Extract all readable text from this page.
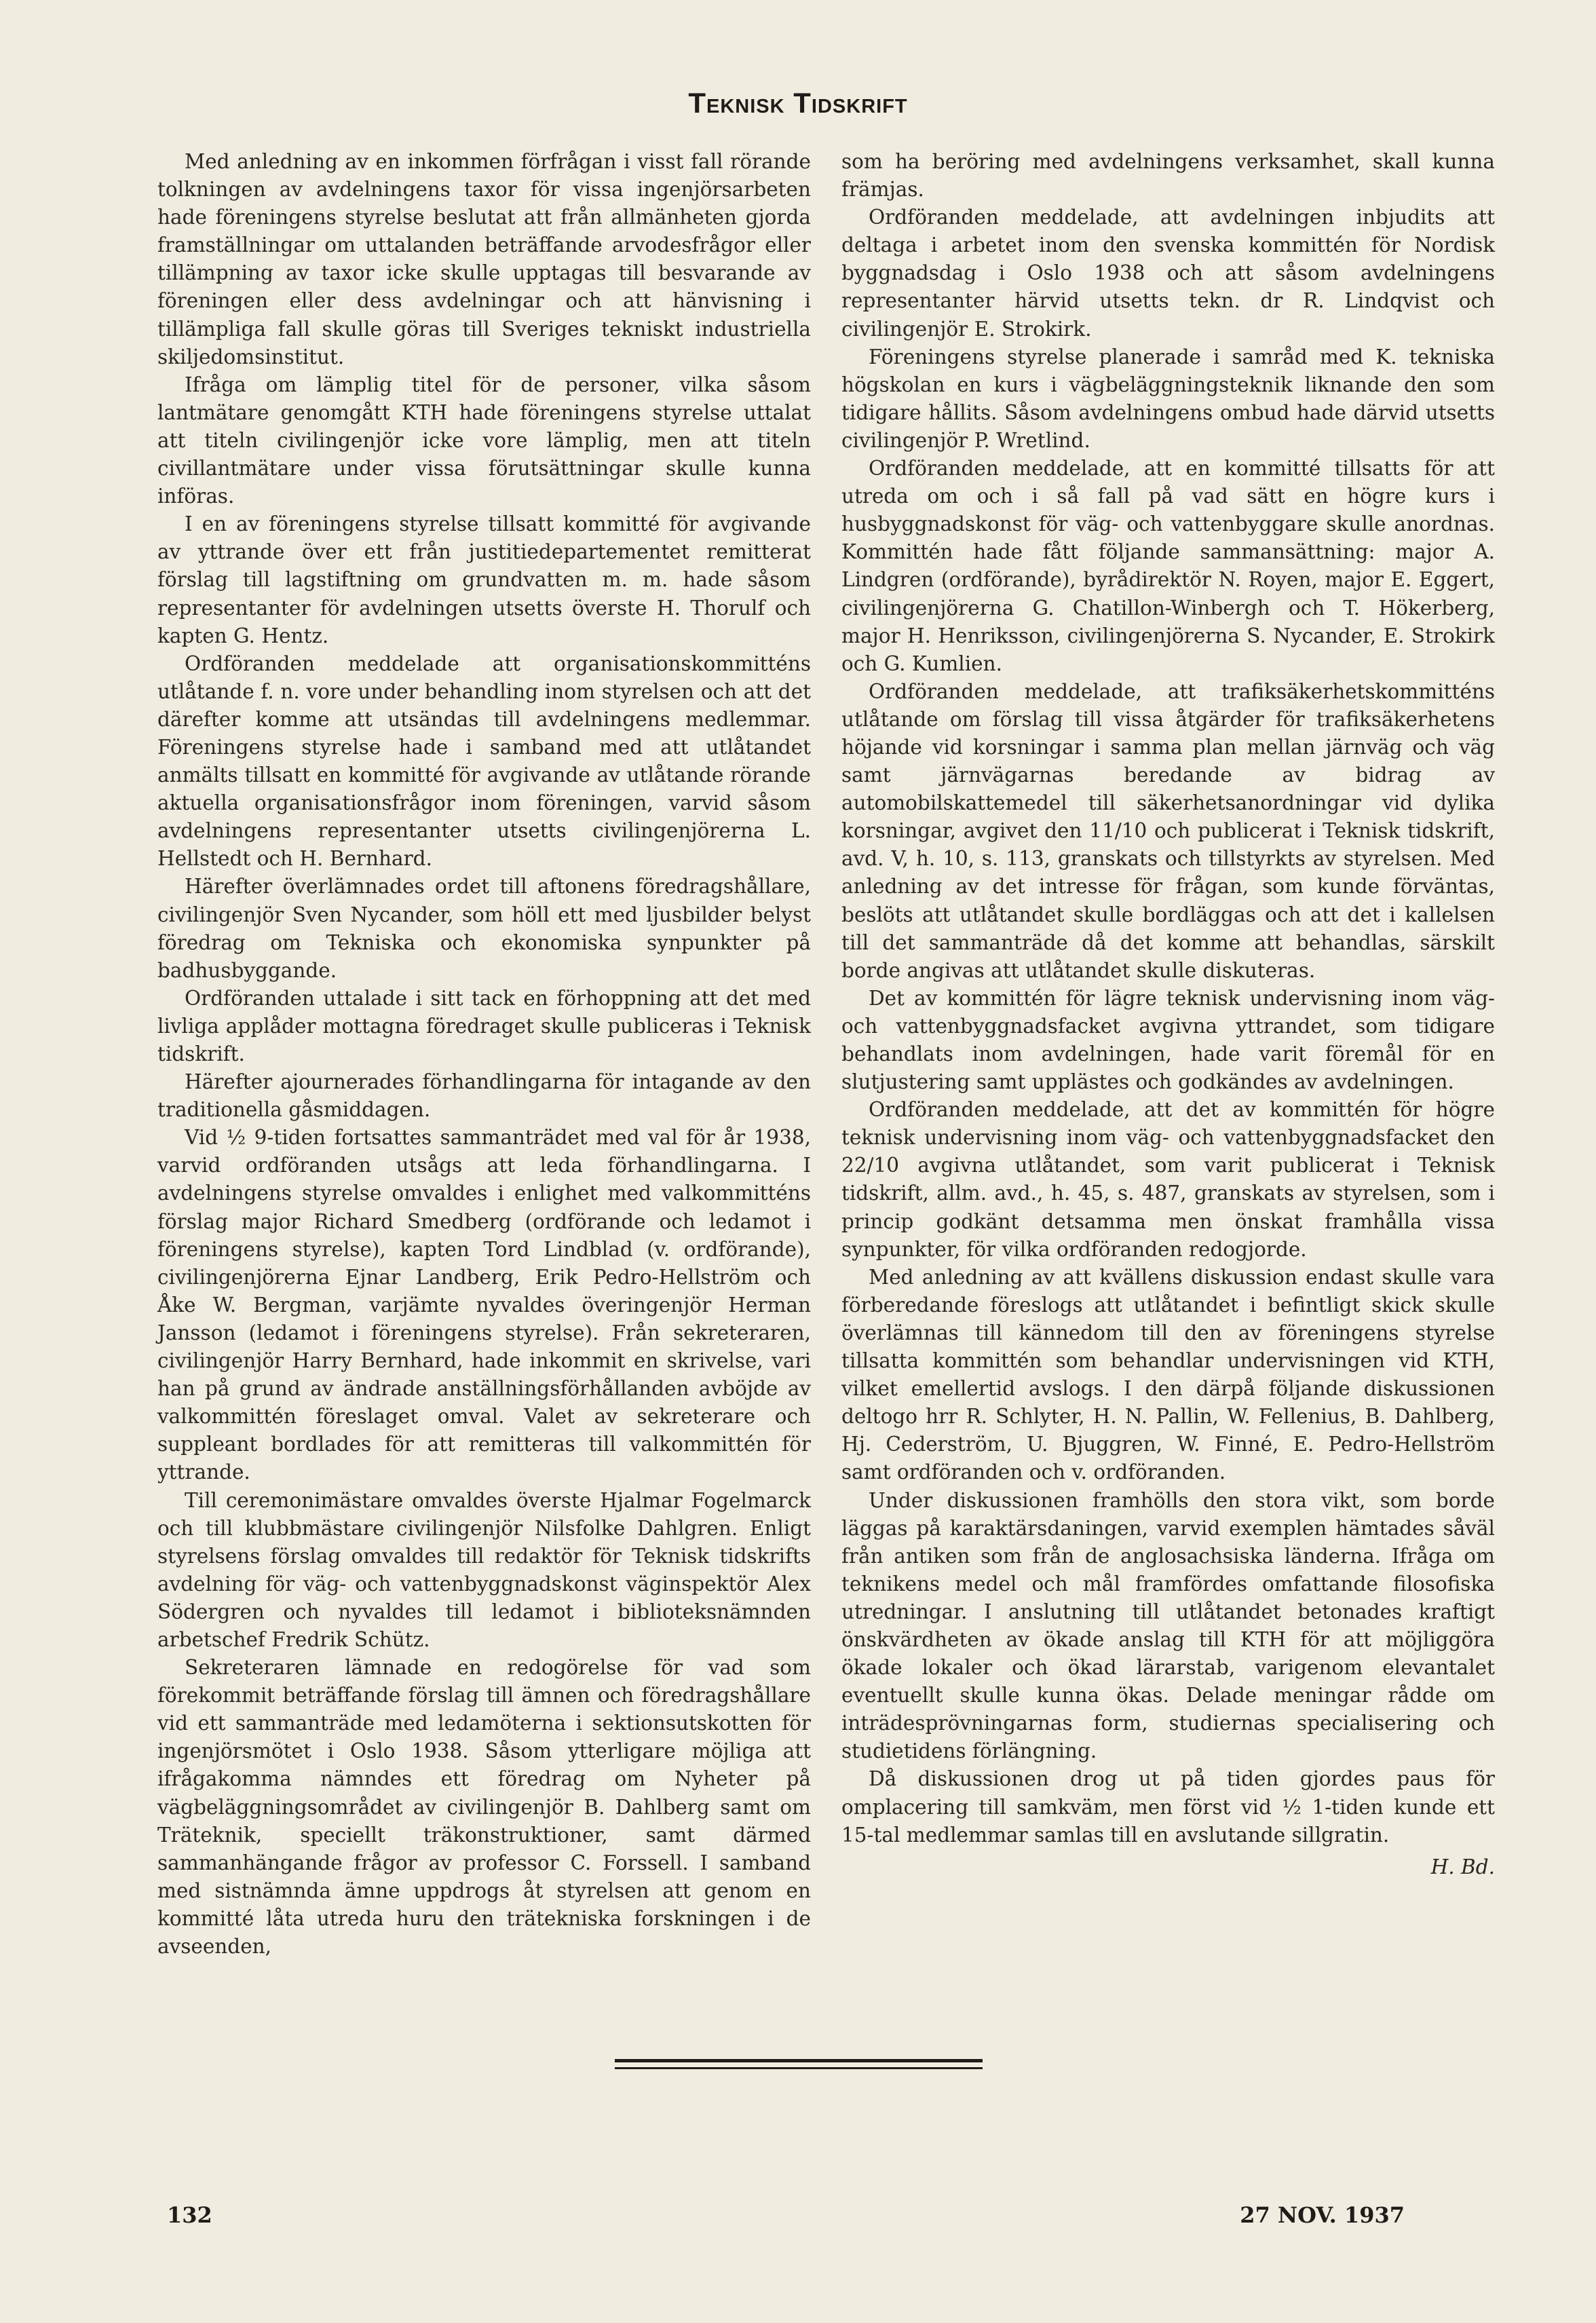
Teknisk Tidskrift

Med anledning av en inkommen förfrågan i visst fall rörande tolkningen av avdelningens taxor för vissa ingenjörsarbeten hade föreningens styrelse beslutat att från allmänheten gjorda framställningar om uttalanden beträffande arvodesfrågor eller tillämpning av taxor icke skulle upptagas till besvarande av föreningen eller dess avdelningar och att hänvisning i tillämpliga fall skulle göras till Sveriges tekniskt industriella skiljedomsinstitut.

Ifråga om lämplig titel för de personer, vilka såsom lantmätare genomgått KTH hade föreningens styrelse uttalat att titeln civilingenjör icke vore lämplig, men att titeln civillantmätare under vissa förutsättningar skulle kunna införas.

I en av föreningens styrelse tillsatt kommitté för avgivande av yttrande över ett från justitiedepartementet remitterat förslag till lagstiftning om grundvatten m. m. hade såsom representanter för avdelningen utsetts överste H. Thorulf och kapten G. Hentz.

Ordföranden meddelade att organisationskommitténs utlåtande f. n. vore under behandling inom styrelsen och att det därefter komme att utsändas till avdelningens medlemmar. Föreningens styrelse hade i samband med att utlåtandet anmälts tillsatt en kommitté för avgivande av utlåtande rörande aktuella organisationsfrågor inom föreningen, varvid såsom avdelningens representanter utsetts civilingenjörerna L. Hellstedt och H. Bernhard.

Härefter överlämnades ordet till aftonens föredragshållare, civilingenjör Sven Nycander, som höll ett med ljusbilder belyst föredrag om Tekniska och ekonomiska synpunkter på badhusbyggande.

Ordföranden uttalade i sitt tack en förhoppning att det med livliga applåder mottagna föredraget skulle publiceras i Teknisk tidskrift.

Härefter ajournerades förhandlingarna för intagande av den traditionella gåsmiddagen.

Vid ½ 9-tiden fortsattes sammanträdet med val för år 1938, varvid ordföranden utsågs att leda förhandlingarna. I avdelningens styrelse omvaldes i enlighet med valkommitténs förslag major Richard Smedberg (ordförande och ledamot i föreningens styrelse), kapten Tord Lindblad (v. ordförande), civilingenjörerna Ejnar Landberg, Erik Pedro-Hellström och Åke W. Bergman, varjämte nyvaldes överingenjör Herman Jansson (ledamot i föreningens styrelse). Från sekreteraren, civilingenjör Harry Bernhard, hade inkommit en skrivelse, vari han på grund av ändrade anställningsförhållanden avböjde av valkommittén föreslaget omval. Valet av sekreterare och suppleant bordlades för att remitteras till valkommittén för yttrande.

Till ceremonimästare omvaldes överste Hjalmar Fogelmarck och till klubbmästare civilingenjör Nilsfolke Dahlgren. Enligt styrelsens förslag omvaldes till redaktör för Teknisk tidskrifts avdelning för väg- och vattenbyggnadskonst väginspektör Alex Södergren och nyvaldes till ledamot i biblioteksnämnden arbetschef Fredrik Schütz.

Sekreteraren lämnade en redogörelse för vad som förekommit beträffande förslag till ämnen och föredragshållare vid ett sammanträde med ledamöterna i sektionsutskotten för ingenjörsmötet i Oslo 1938. Såsom ytterligare möjliga att ifrågakomma nämndes ett föredrag om Nyheter på vägbeläggningsområdet av civilingenjör B. Dahlberg samt om Träteknik, speciellt träkonstruktioner, samt därmed sammanhängande frågor av professor C. Forssell. I samband med sistnämnda ämne uppdrogs åt styrelsen att genom en kommitté låta utreda huru den trätekniska forskningen i de avseenden,

som ha beröring med avdelningens verksamhet, skall kunna främjas.

Ordföranden meddelade, att avdelningen inbjudits att deltaga i arbetet inom den svenska kommittén för Nordisk byggnadsdag i Oslo 1938 och att såsom avdelningens representanter härvid utsetts tekn. dr R. Lindqvist och civilingenjör E. Strokirk.

Föreningens styrelse planerade i samråd med K. tekniska högskolan en kurs i vägbeläggningsteknik liknande den som tidigare hållits. Såsom avdelningens ombud hade därvid utsetts civilingenjör P. Wretlind.

Ordföranden meddelade, att en kommitté tillsatts för att utreda om och i så fall på vad sätt en högre kurs i husbyggnadskonst för väg- och vattenbyggare skulle anordnas. Kommittén hade fått följande sammansättning: major A. Lindgren (ordförande), byrådirektör N. Royen, major E. Eggert, civilingenjörerna G. Chatillon-Winbergh och T. Hökerberg, major H. Henriksson, civilingenjörerna S. Nycander, E. Strokirk och G. Kumlien.

Ordföranden meddelade, att trafiksäkerhetskommitténs utlåtande om förslag till vissa åtgärder för trafiksäkerhetens höjande vid korsningar i samma plan mellan järnväg och väg samt järnvägarnas beredande av bidrag av automobilskattemedel till säkerhetsanordningar vid dylika korsningar, avgivet den 11/10 och publicerat i Teknisk tidskrift, avd. V, h. 10, s. 113, granskats och tillstyrkts av styrelsen. Med anledning av det intresse för frågan, som kunde förväntas, beslöts att utlåtandet skulle bordläggas och att det i kallelsen till det sammanträde då det komme att behandlas, särskilt borde angivas att utlåtandet skulle diskuteras.

Det av kommittén för lägre teknisk undervisning inom väg- och vattenbyggnadsfacket avgivna yttrandet, som tidigare behandlats inom avdelningen, hade varit föremål för en slutjustering samt upplästes och godkändes av avdelningen.

Ordföranden meddelade, att det av kommittén för högre teknisk undervisning inom väg- och vattenbyggnadsfacket den 22/10 avgivna utlåtandet, som varit publicerat i Teknisk tidskrift, allm. avd., h. 45, s. 487, granskats av styrelsen, som i princip godkänt detsamma men önskat framhålla vissa synpunkter, för vilka ordföranden redogjorde.

Med anledning av att kvällens diskussion endast skulle vara förberedande föreslogs att utlåtandet i befintligt skick skulle överlämnas till kännedom till den av föreningens styrelse tillsatta kommittén som behandlar undervisningen vid KTH, vilket emellertid avslogs. I den därpå följande diskussionen deltogo hrr R. Schlyter, H. N. Pallin, W. Fellenius, B. Dahlberg, Hj. Cederström, U. Bjuggren, W. Finné, E. Pedro-Hellström samt ordföranden och v. ordföranden.

Under diskussionen framhölls den stora vikt, som borde läggas på karaktärsdaningen, varvid exemplen hämtades såväl från antiken som från de anglosachsiska länderna. Ifråga om teknikens medel och mål framfördes omfattande filosofiska utredningar. I anslutning till utlåtandet betonades kraftigt önskvärdheten av ökade anslag till KTH för att möjliggöra ökade lokaler och ökad lärarstab, varigenom elevantalet eventuellt skulle kunna ökas. Delade meningar rådde om inträdesprövningarnas form, studiernas specialisering och studietidens förlängning.

Då diskussionen drog ut på tiden gjordes paus för omplacering till samkväm, men först vid ½ 1-tiden kunde ett 15-tal medlemmar samlas till en avslutande sillgratin.

H. Bd.

132	27 NOV. 1937
